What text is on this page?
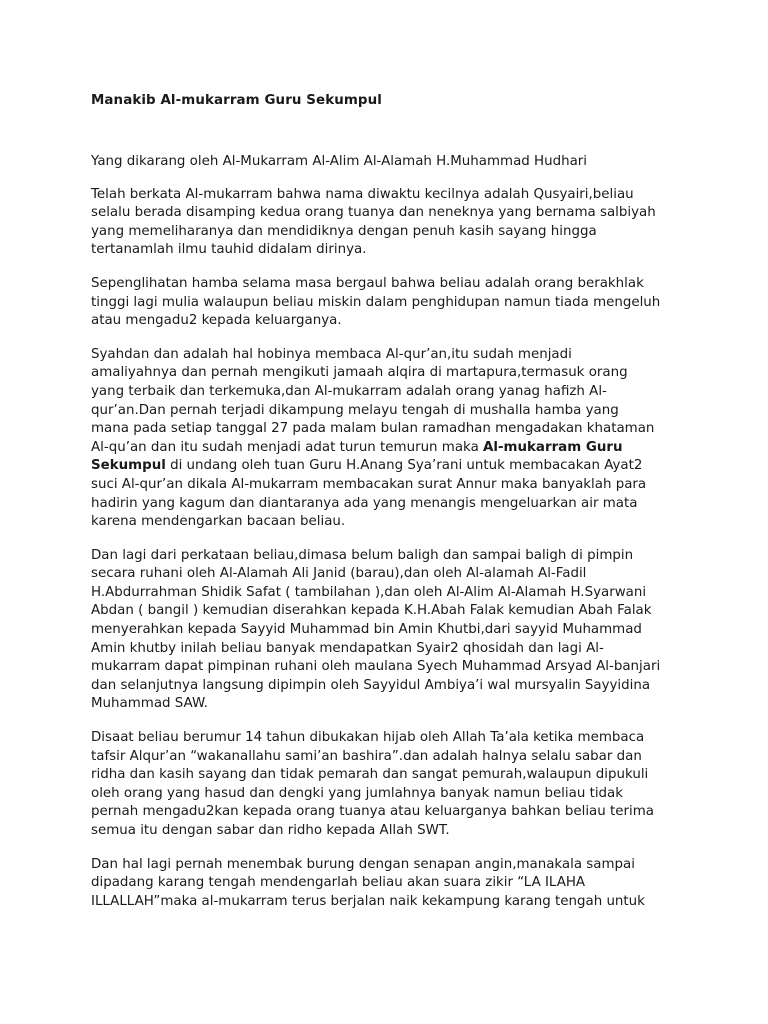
Manakib Al-mukarram Guru Sekumpul

Yang dikarang oleh Al-Mukarram Al-Alim Al-Alamah H.Muhammad Hudhari

Telah berkata Al-mukarram bahwa nama diwaktu kecilnya adalah Qusyairi,beliau
selalu berada disamping kedua orang tuanya dan neneknya yang bernama salbiyah
yang memeliharanya dan mendidiknya dengan penuh kasih sayang hingga
tertanamlah ilmu tauhid didalam dirinya.

Sepenglihatan hamba selama masa bergaul bahwa beliau adalah orang berakhlak
tinggi lagi mulia walaupun beliau miskin dalam penghidupan namun tiada mengeluh
atau mengadu2 kepada keluarganya.

Syahdan dan adalah hal hobinya membaca Al-qur’an,itu sudah menjadi
amaliyahnya dan pernah mengikuti jamaah alqira di martapura,termasuk orang
yang terbaik dan terkemuka,dan Al-mukarram adalah orang yanag hafizh Al-
qur’an.Dan pernah terjadi dikampung melayu tengah di mushalla hamba yang
mana pada setiap tanggal 27 pada malam bulan ramadhan mengadakan khataman
Al-qu’an dan itu sudah menjadi adat turun temurun maka Al-mukarram Guru
Sekumpul di undang oleh tuan Guru H.Anang Sya’rani untuk membacakan Ayat2
suci Al-qur’an dikala Al-mukarram membacakan surat Annur maka banyaklah para
hadirin yang kagum dan diantaranya ada yang menangis mengeluarkan air mata
karena mendengarkan bacaan beliau.

Dan lagi dari perkataan beliau,dimasa belum baligh dan sampai baligh di pimpin
secara ruhani oleh Al-Alamah Ali Janid (barau),dan oleh Al-alamah Al-Fadil
H.Abdurrahman Shidik Safat ( tambilahan ),dan oleh Al-Alim Al-Alamah H.Syarwani
Abdan ( bangil ) kemudian diserahkan kepada K.H.Abah Falak kemudian Abah Falak
menyerahkan kepada Sayyid Muhammad bin Amin Khutbi,dari sayyid Muhammad
Amin khutby inilah beliau banyak mendapatkan Syair2 qhosidah dan lagi Al-
mukarram dapat pimpinan ruhani oleh maulana Syech Muhammad Arsyad Al-banjari
dan selanjutnya langsung dipimpin oleh Sayyidul Ambiya’i wal mursyalin Sayyidina
Muhammad SAW.

Disaat beliau berumur 14 tahun dibukakan hijab oleh Allah Ta’ala ketika membaca
tafsir Alqur’an “wakanallahu sami’an bashira”.dan adalah halnya selalu sabar dan
ridha dan kasih sayang dan tidak pemarah dan sangat pemurah,walaupun dipukuli
oleh orang yang hasud dan dengki yang jumlahnya banyak namun beliau tidak
pernah mengadu2kan kepada orang tuanya atau keluarganya bahkan beliau terima
semua itu dengan sabar dan ridho kepada Allah SWT.

Dan hal lagi pernah menembak burung dengan senapan angin,manakala sampai
dipadang karang tengah mendengarlah beliau akan suara zikir “LA ILAHA
ILLALLAH”maka al-mukarram terus berjalan naik kekampung karang tengah untuk
